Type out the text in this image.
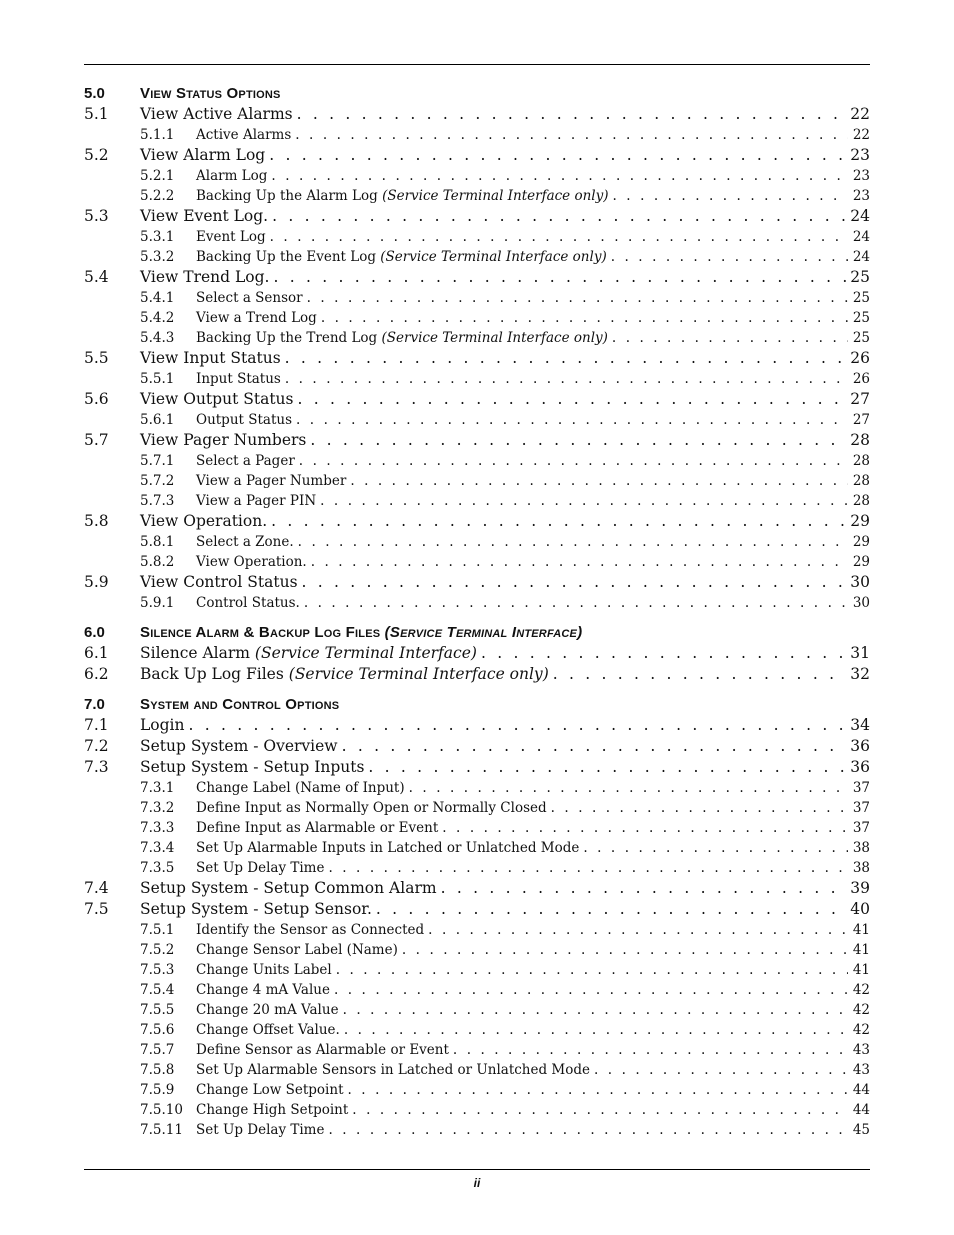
5.0	View Status Options
5.1	View Active Alarms . . .	22
5.1.1	Active Alarms . . .	22
5.2	View Alarm Log . . .	23
5.2.1	Alarm Log . . .	23
5.2.2	Backing Up the Alarm Log (Service Terminal Interface only) . . .	23
5.3	View Event Log. . . .	24
5.3.1	Event Log . . .	24
5.3.2	Backing Up the Event Log (Service Terminal Interface only) . . .	24
5.4	View Trend Log. . . .	25
5.4.1	Select a Sensor . . .	25
5.4.2	View a Trend Log . . .	25
5.4.3	Backing Up the Trend Log (Service Terminal Interface only) . . .	25
5.5	View Input Status . . .	26
5.5.1	Input Status . . .	26
5.6	View Output Status . . .	27
5.6.1	Output Status . . .	27
5.7	View Pager Numbers . . .	28
5.7.1	Select a Pager . . .	28
5.7.2	View a Pager Number . . .	28
5.7.3	View a Pager PIN . . .	28
5.8	View Operation. . . .	29
5.8.1	Select a Zone. . . .	29
5.8.2	View Operation. . . .	29
5.9	View Control Status . . .	30
5.9.1	Control Status. . . .	30
6.0	Silence Alarm & Backup Log Files (Service Terminal Interface)
6.1	Silence Alarm (Service Terminal Interface) . . .	31
6.2	Back Up Log Files (Service Terminal Interface only) . . .	32
7.0	System and Control Options
7.1	Login . . .	34
7.2	Setup System - Overview . . .	36
7.3	Setup System - Setup Inputs . . .	36
7.3.1	Change Label (Name of Input) . . .	37
7.3.2	Define Input as Normally Open or Normally Closed . . .	37
7.3.3	Define Input as Alarmable or Event . . .	37
7.3.4	Set Up Alarmable Inputs in Latched or Unlatched Mode . . .	38
7.3.5	Set Up Delay Time . . .	38
7.4	Setup System - Setup Common Alarm . . .	39
7.5	Setup System - Setup Sensor. . . .	40
7.5.1	Identify the Sensor as Connected . . .	41
7.5.2	Change Sensor Label (Name) . . .	41
7.5.3	Change Units Label . . .	41
7.5.4	Change 4 mA Value . . .	42
7.5.5	Change 20 mA Value . . .	42
7.5.6	Change Offset Value. . . .	42
7.5.7	Define Sensor as Alarmable or Event . . .	43
7.5.8	Set Up Alarmable Sensors in Latched or Unlatched Mode . . .	43
7.5.9	Change Low Setpoint . . .	44
7.5.10 Change High Setpoint . . .	44
7.5.11 Set Up Delay Time . . .	45
ii
